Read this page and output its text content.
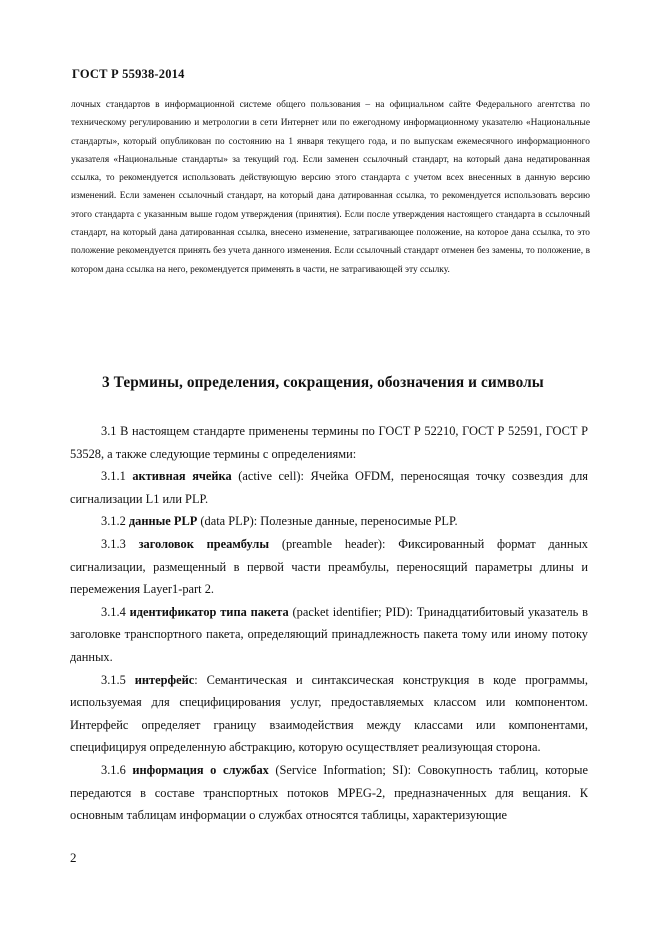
ГОСТ Р 55938-2014
лочных стандартов в информационной системе общего пользования – на официальном сайте Федерального агентства по техническому регулированию и метрологии в сети Интернет или по ежегодному информационному указателю «Национальные стандарты», который опубликован по состоянию на 1 января текущего года, и по выпускам ежемесячного информационного указателя «Национальные стандарты» за текущий год. Если заменен ссылочный стандарт, на который дана недатированная ссылка, то рекомендуется использовать действующую версию этого стандарта с учетом всех внесенных в данную версию изменений. Если заменен ссылочный стандарт, на который дана датированная ссылка, то рекомендуется использовать версию этого стандарта с указанным выше годом утверждения (принятия). Если после утверждения настоящего стандарта в ссылочный стандарт, на который дана датированная ссылка, внесено изменение, затрагивающее положение, на которое дана ссылка, то это положение рекомендуется принять без учета данного изменения. Если ссылочный стандарт отменен без замены, то положение, в котором дана ссылка на него, рекомендуется применять в части, не затрагивающей эту ссылку.
3 Термины, определения, сокращения, обозначения и символы

3.1 В настоящем стандарте применены термины по ГОСТ Р 52210, ГОСТ Р 52591, ГОСТ Р 53528, а также следующие термины с определениями:

3.1.1 активная ячейка (active cell): Ячейка OFDM, переносящая точку созвездия для сигнализации L1 или PLP.

3.1.2 данные PLP (data PLP): Полезные данные, переносимые PLP.

3.1.3 заголовок преамбулы (preamble header): Фиксированный формат данных сигнализации, размещенный в первой части преамбулы, переносящий параметры длины и перемежения Layer1-part 2.

3.1.4 идентификатор типа пакета (packet identifier; PID): Тринадцатибитовый указатель в заголовке транспортного пакета, определяющий принадлежность пакета тому или иному потоку данных.

3.1.5 интерфейс: Семантическая и синтаксическая конструкция в коде программы, используемая для специфицирования услуг, предоставляемых классом или компонентом. Интерфейс определяет границу взаимодействия между классами или компонентами, специфицируя определенную абстракцию, которую осуществляет реализующая сторона.

3.1.6 информация о службах (Service Information; SI): Совокупность таблиц, которые передаются в составе транспортных потоков MPEG-2, предназначенных для вещания. К основным таблицам информации о службах относятся таблицы, характеризующие

2
